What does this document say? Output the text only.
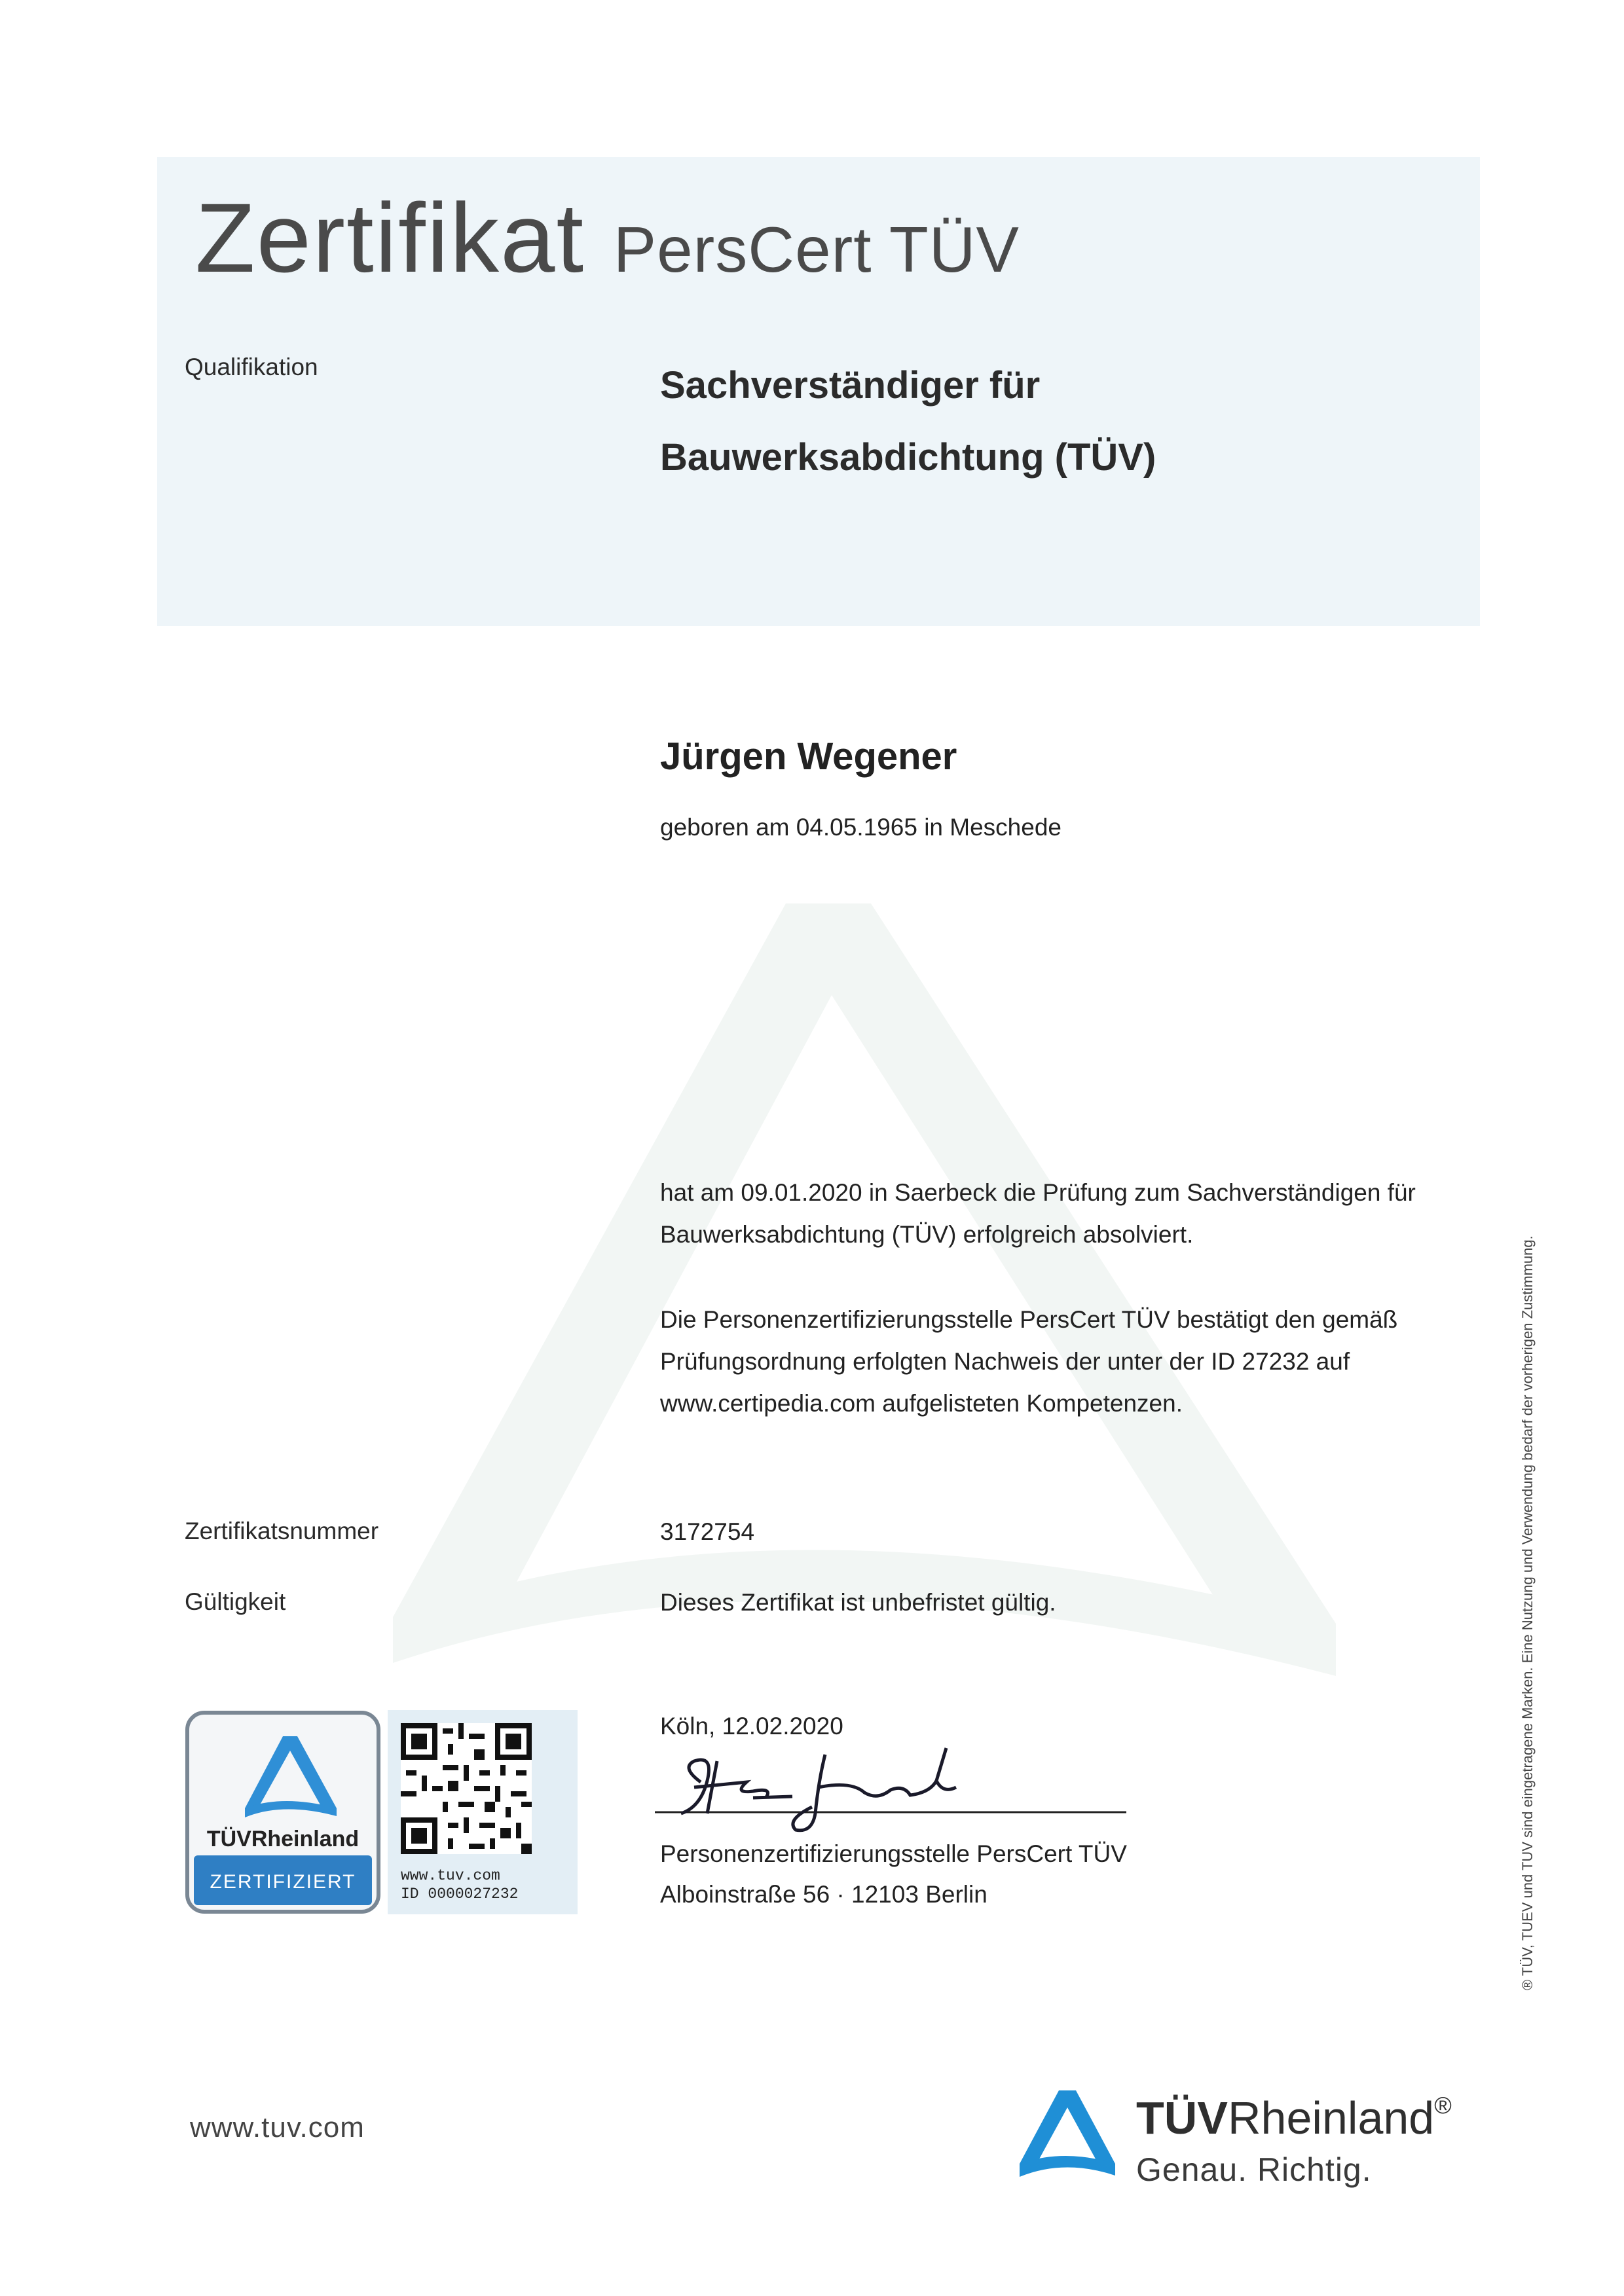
Zertifikat PersCert TÜV
Qualifikation	Sachverständiger für
Bauwerksabdichtung (TÜV)
Jürgen Wegener
geboren am 04.05.1965 in Meschede
hat am 09.01.2020 in Saerbeck die Prüfung zum Sachverständigen für
Bauwerksabdichtung (TÜV) erfolgreich absolviert.
Die Personenzertifizierungsstelle PersCert TÜV bestätigt den gemäß
Prüfungsordnung erfolgten Nachweis der unter der ID 27232 auf
www.certipedia.com aufgelisteten Kompetenzen.
Zertifikatsnummer	3172754
Gültigkeit	Dieses Zertifikat ist unbefristet gültig.
TÜVRheinland
ZERTIFIZIERT	www.tuv.com
ID 0000027232
Köln, 12.02.2020
Personenzertifizierungsstelle PersCert TÜV
Alboinstraße 56 · 12103 Berlin
www.tuv.com	TÜVRheinland®
Genau. Richtig.
® TÜV, TUEV und TUV sind eingetragene Marken. Eine Nutzung und Verwendung bedarf der vorherigen Zustimmung.
